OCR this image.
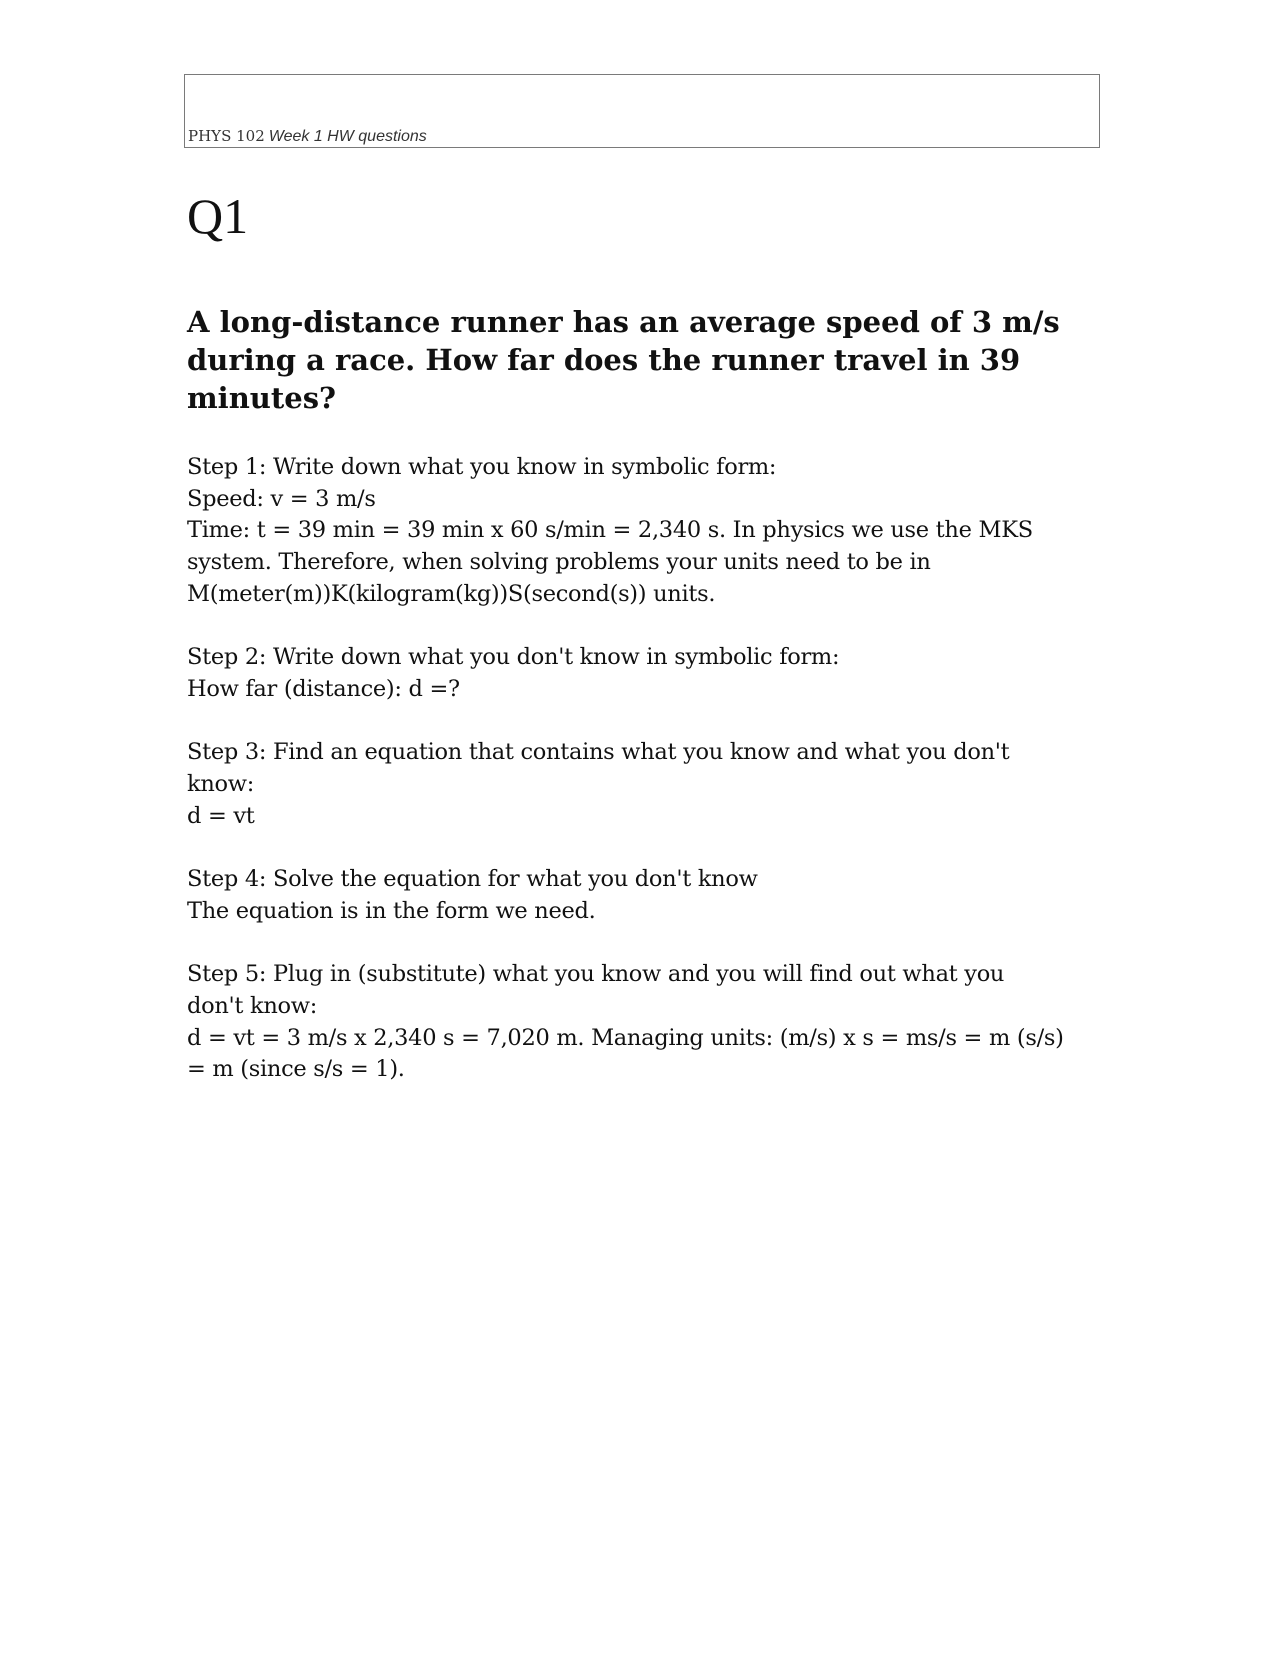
PHYS 102 Week 1 HW questions
Q1
A long-distance runner has an average speed of 3 m/s
during a race. How far does the runner travel in 39
minutes?
Step 1: Write down what you know in symbolic form:
Speed: v = 3 m/s
Time: t = 39 min = 39 min x 60 s/min = 2,340 s. In physics we use the MKS
system. Therefore, when solving problems your units need to be in
M(meter(m))K(kilogram(kg))S(second(s)) units.
Step 2: Write down what you don't know in symbolic form:
How far (distance): d =?
Step 3: Find an equation that contains what you know and what you don't
know:
d = vt
Step 4: Solve the equation for what you don't know
The equation is in the form we need.
Step 5: Plug in (substitute) what you know and you will find out what you
don't know:
d = vt = 3 m/s x 2,340 s = 7,020 m. Managing units: (m/s) x s = ms/s = m (s/s)
= m (since s/s = 1).
